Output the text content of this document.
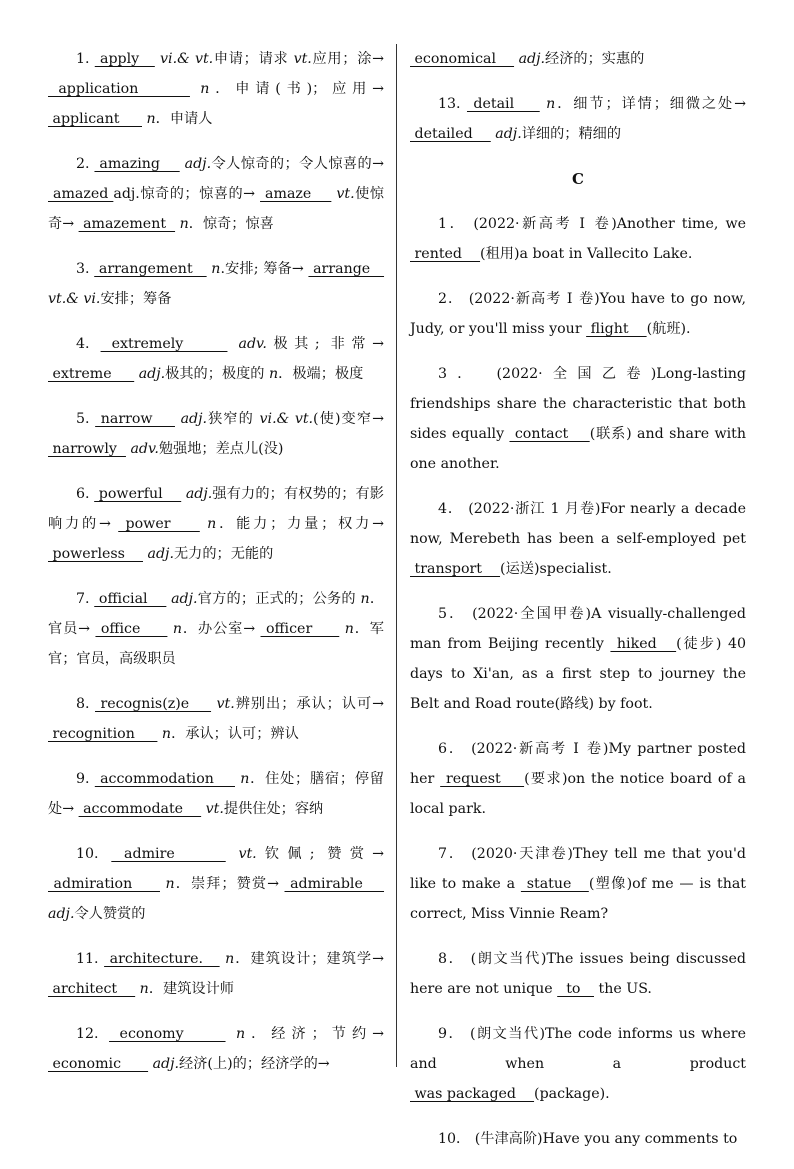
1.  apply    vi.& vt.申请；请求 vt.应用；涂→  application      n．申请(书)；应用→  applicant      n．申请人
2.  amazing     adj.令人惊奇的；令人惊喜的→  amazed adj.惊奇的；惊喜的→  amaze     vt.使惊奇→  amazement   n．惊奇；惊喜
3.  arrangement    n.安排; 筹备→  arrange    vt.& vi.安排；筹备
4.  extremely     adv.极其; 非常→  extreme      adj.极其的；极度的 n．极端；极度
5.  narrow     adj.狭窄的 vi.& vt.(使)变窄→  narrowly   adv.勉强地；差点儿(没)
6.  powerful     adj.强有力的；有权势的；有影响力的→  power     n．能力；力量；权力→  powerless     adj.无力的；无能的
7.  official     adj.官方的；正式的；公务的 n．官员→  office      n．办公室→  officer      n．军官；官员，高级职员
8.  recognis(z)e     vt.辨别出；承认；认可→  recognition      n．承认；认可；辨认
9.  accommodation     n．住处；膳宿；停留处→  accommodate     vt.提供住处；容纳
10.  admire     vt.钦佩; 赞赏→  admiration      n．崇拜；赞赏→  admirable     adj.令人赞赏的
11.  architecture.    n．建筑设计；建筑学→  architect     n．建筑设计师
12.  economy     n．经济；节约→  economic       adj.经济(上)的；经济学的→
economical     adj.经济的；实惠的
13.  detail     n．细节；详情；细微之处→  detailed     adj.详细的；精细的
C
1． (2022·新高考 Ⅰ 卷)Another time, we  rented    (租用)a boat in Vallecito Lake.
2． (2022·新高考 Ⅰ 卷)You have to go now, Judy, or you'll miss your  flight    (航班).
3． (2022·全国乙卷)Long-lasting friendships share the characteristic that both sides equally  contact    (联系) and share with one another.
4． (2022·浙江 1 月卷)For nearly a decade now, Merebeth has been a self-employed pet  transport    (运送)specialist.
5． (2022·全国甲卷)A visually-challenged man from Beijing recently  hiked   (徒步) 40 days to Xi'an, as a first step to journey the Belt and Road route(路线) by foot.
6． (2022·新高考 Ⅰ 卷)My partner posted her  request    (要求)on the notice board of a local park.
7． (2020·天津卷)They tell me that you'd like to make a  statue   (塑像)of me — is that correct, Miss Vinnie Ream?
8． (朗文当代)The issues being discussed here are not unique   to    the US.
9． (朗文当代)The code informs us where and when a product  was packaged    (package).
10． (牛津高阶)Have you any comments to
